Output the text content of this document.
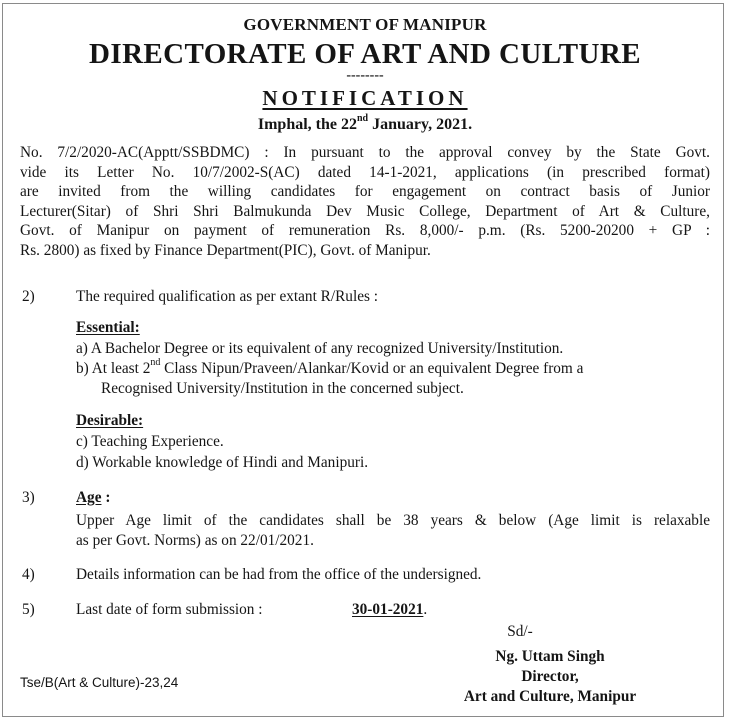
GOVERNMENT OF MANIPUR
DIRECTORATE OF ART AND CULTURE
--------
NOTIFICATION
Imphal, the 22nd January, 2021.
No. 7/2/2020-AC(Apptt/SSBDMC) : In pursuant to the approval convey by the State Govt.
vide its Letter No. 10/7/2002-S(AC) dated 14-1-2021, applications (in prescribed format)
are invited from the willing candidates for engagement on contract basis of Junior
Lecturer(Sitar) of Shri Shri Balmukunda Dev Music College, Department of Art & Culture,
Govt. of Manipur on payment of remuneration Rs. 8,000/- p.m. (Rs. 5200-20200 + GP :
Rs. 2800) as fixed by Finance Department(PIC), Govt. of Manipur.
2)	The required qualification as per extant R/Rules :
Essential:
a) A Bachelor Degree or its equivalent of any recognized University/Institution.
b) At least 2nd Class Nipun/Praveen/Alankar/Kovid or an equivalent Degree from a
Recognised University/Institution in the concerned subject.
Desirable:
c) Teaching Experience.
d) Workable knowledge of Hindi and Manipuri.
3)	Age :
Upper Age limit of the candidates shall be 38 years & below (Age limit is relaxable
as per Govt. Norms) as on 22/01/2021.
4)	Details information can be had from the office of the undersigned.
5)	Last date of form submission :	30-01-2021.
Sd/-
Ng. Uttam Singh
Director,
Art and Culture, Manipur
Tse/B(Art & Culture)-23,24
